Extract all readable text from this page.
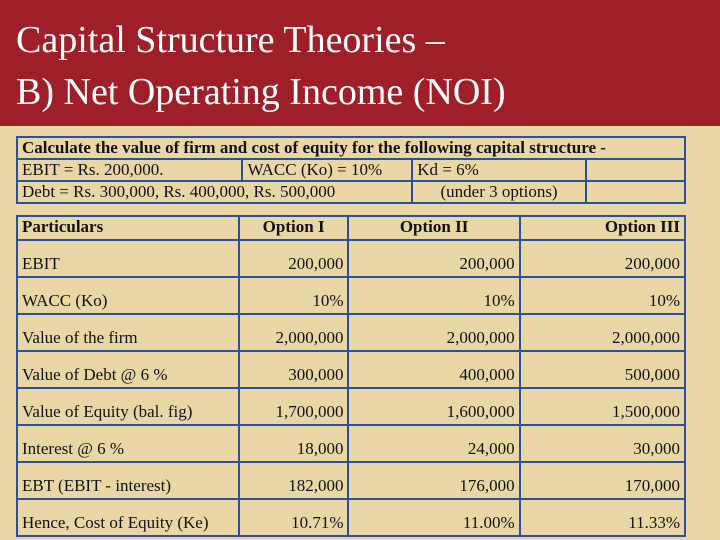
Capital Structure Theories –
B) Net Operating Income (NOI)
Calculate the value of firm and cost of equity for the following capital structure -			
EBIT = Rs. 200,000.	WACC (Ko) = 10%	Kd = 6%	
Debt = Rs. 300,000, Rs. 400,000, Rs. 500,000		(under 3 options)	
Particulars	Option I	Option II	Option III
EBIT	200,000	200,000	200,000
WACC (Ko)	10%	10%	10%
Value of the firm	2,000,000	2,000,000	2,000,000
Value of Debt @ 6 %	300,000	400,000	500,000
Value of Equity (bal. fig)	1,700,000	1,600,000	1,500,000
Interest @ 6 %	18,000	24,000	30,000
EBT (EBIT - interest)	182,000	176,000	170,000
Hence, Cost of Equity (Ke)	10.71%	11.00%	11.33%
